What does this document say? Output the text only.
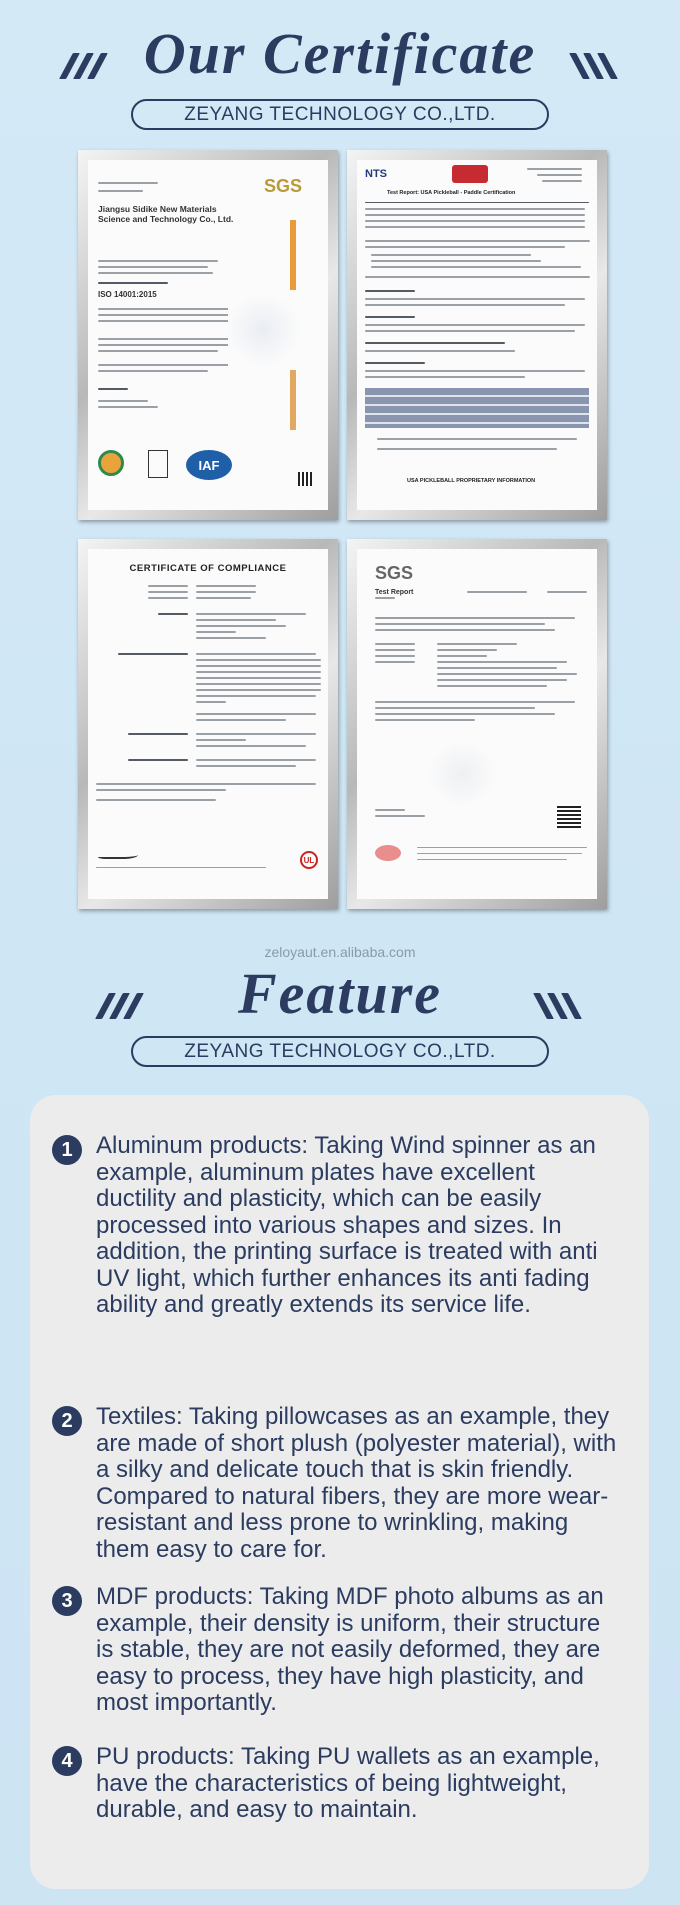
Our Certificate
ZEYANG TECHNOLOGY CO.,LTD.
SGS
Jiangsu Sidike New Materials Science and Technology Co., Ltd.
ISO 14001:2015
IAF
NTS
Test Report: USA Pickleball - Paddle Certification
USA PICKLEBALL PROPRIETARY INFORMATION
CERTIFICATE OF COMPLIANCE
UL
SGS
Test Report
zeloyaut.en.alibaba.com
Feature
ZEYANG TECHNOLOGY CO.,LTD.
1 Aluminum products: Taking Wind spinner as an example, aluminum plates have excellent ductility and plasticity, which can be easily processed into various shapes and sizes. In addition, the printing surface is treated with anti UV light, which further enhances its anti fading ability and greatly extends its service life.
2 Textiles: Taking pillowcases as an example, they are made of short plush (polyester material), with a silky and delicate touch that is skin friendly. Compared to natural fibers, they are more wear-resistant and less prone to wrinkling, making them easy to care for.
3 MDF products: Taking MDF photo albums as an example, their density is uniform, their structure is stable, they are not easily deformed, they are easy to process, they have high plasticity, and most importantly.
4 PU products: Taking PU wallets as an example, have the characteristics of being lightweight, durable, and easy to maintain.
